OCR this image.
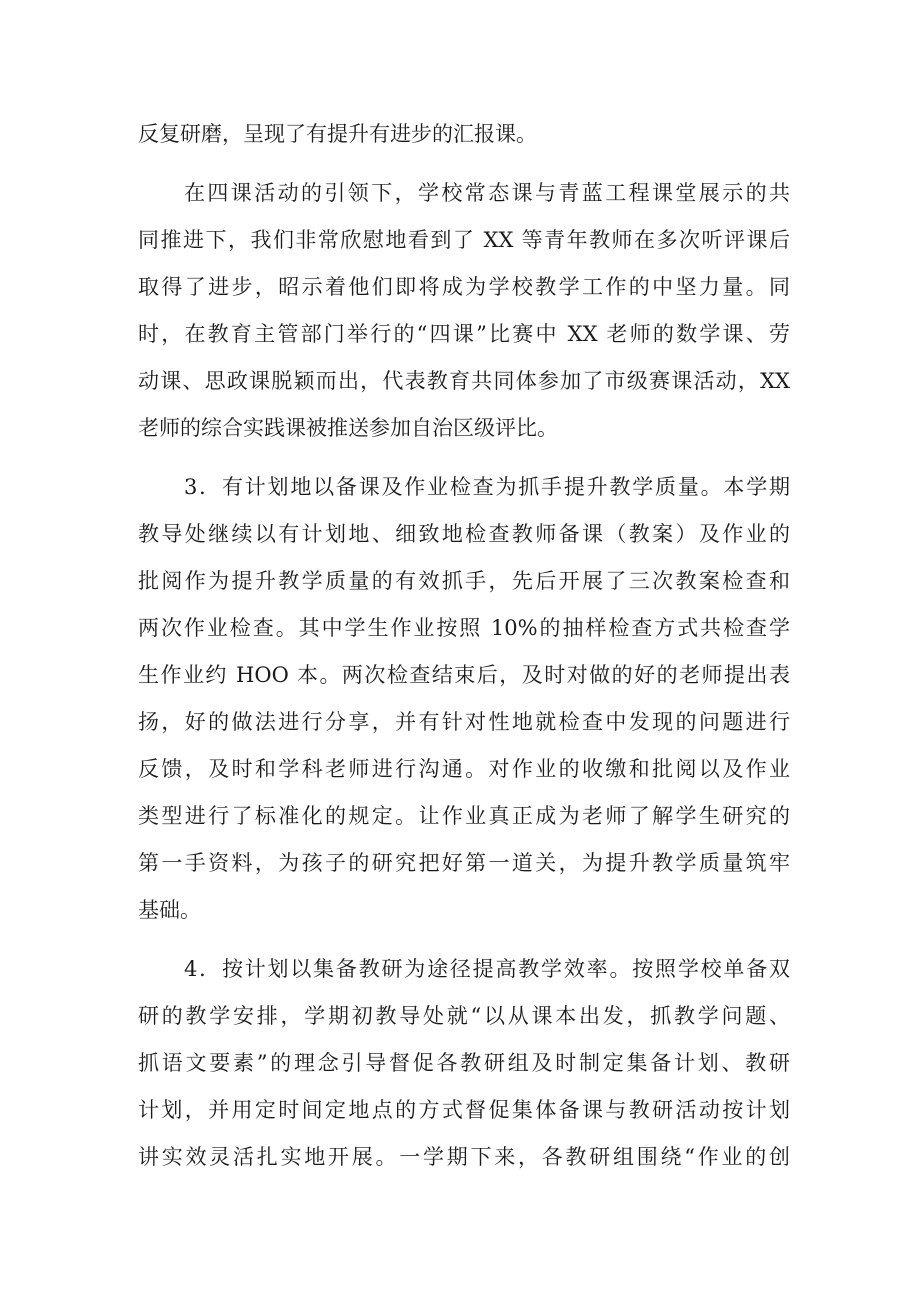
反复研磨，呈现了有提升有进步的汇报课。
在四课活动的引领下，学校常态课与青蓝工程课堂展示的共
同推进下，我们非常欣慰地看到了 XX 等青年教师在多次听评课后
取得了进步，昭示着他们即将成为学校教学工作的中坚力量。同
时，在教育主管部门举行的“四课”比赛中 XX 老师的数学课、劳
动课、思政课脱颖而出，代表教育共同体参加了市级赛课活动，XX
老师的综合实践课被推送参加自治区级评比。
3．有计划地以备课及作业检查为抓手提升教学质量。本学期
教导处继续以有计划地、细致地检查教师备课（教案）及作业的
批阅作为提升教学质量的有效抓手，先后开展了三次教案检查和
两次作业检查。其中学生作业按照 10%的抽样检查方式共检查学
生作业约 HOO 本。两次检查结束后，及时对做的好的老师提出表
扬，好的做法进行分享，并有针对性地就检查中发现的问题进行
反馈，及时和学科老师进行沟通。对作业的收缴和批阅以及作业
类型进行了标准化的规定。让作业真正成为老师了解学生研究的
第一手资料，为孩子的研究把好第一道关，为提升教学质量筑牢
基础。
4．按计划以集备教研为途径提高教学效率。按照学校单备双
研的教学安排，学期初教导处就“以从课本出发，抓教学问题、
抓语文要素”的理念引导督促各教研组及时制定集备计划、教研
计划，并用定时间定地点的方式督促集体备课与教研活动按计划
讲实效灵活扎实地开展。一学期下来，各教研组围绕“作业的创
